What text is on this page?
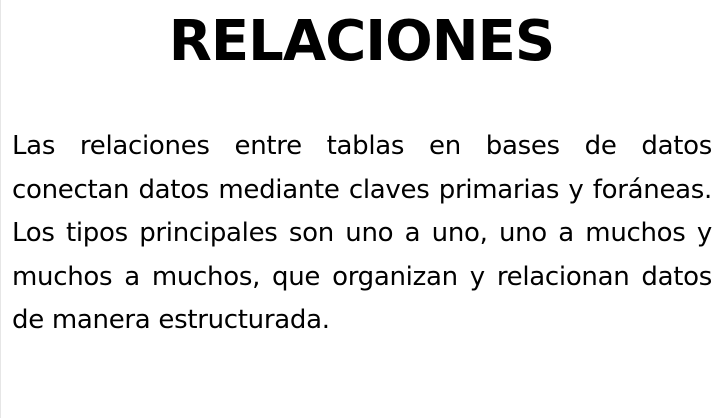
RELACIONES

Las relaciones entre tablas en bases de datos conectan datos mediante claves primarias y foráneas. Los tipos principales son uno a uno, uno a muchos y muchos a muchos, que organizan y relacionan datos de manera estructurada.
